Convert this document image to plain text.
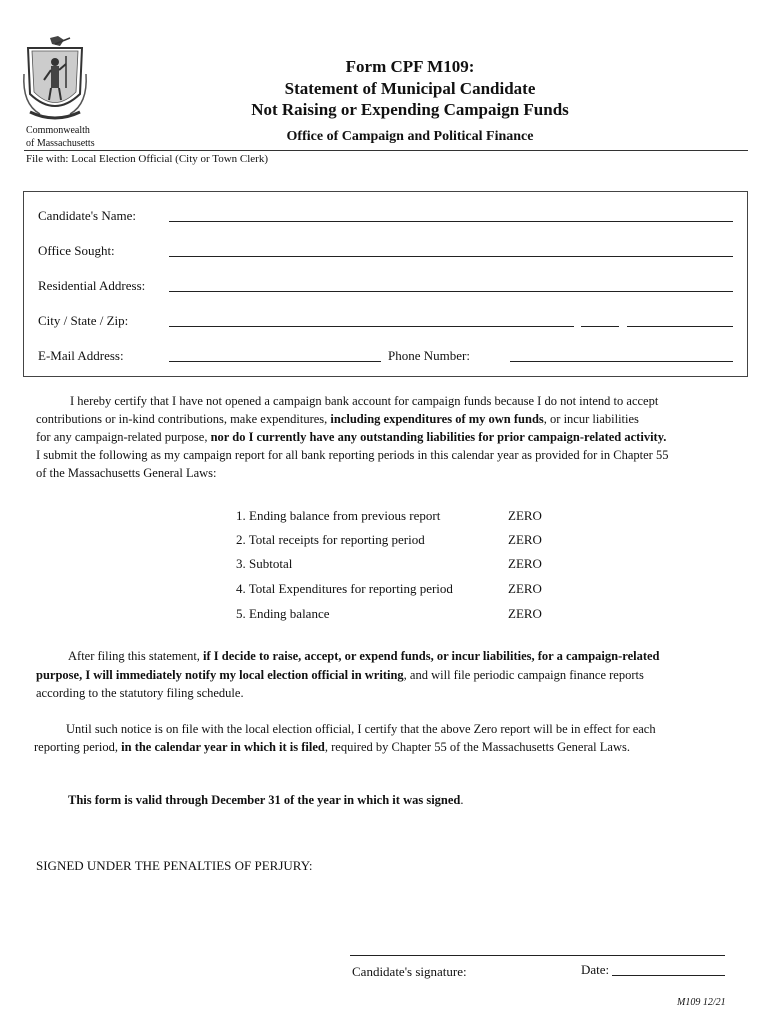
Commonwealth
of Massachusetts
Form CPF M109:
Statement of Municipal Candidate
Not Raising or Expending Campaign Funds
Office of Campaign and Political Finance
File with: Local Election Official (City or Town Clerk)
Candidate's Name:
Office Sought:
Residential Address:
City / State / Zip:
E-Mail Address:	Phone Number:
I hereby certify that I have not opened a campaign bank account for campaign funds because I do not intend to accept
contributions or in-kind contributions, make expenditures, including expenditures of my own funds, or incur liabilities
for any campaign-related purpose, nor do I currently have any outstanding liabilities for prior campaign-related activity.
I submit the following as my campaign report for all bank reporting periods in this calendar year as provided for in Chapter 55
of the Massachusetts General Laws:
1. Ending balance from previous report	ZERO
2. Total receipts for reporting period	ZERO
3. Subtotal	ZERO
4. Total Expenditures for reporting period	ZERO
5. Ending balance	ZERO
After filing this statement, if I decide to raise, accept, or expend funds, or incur liabilities, for a campaign-related
purpose, I will immediately notify my local election official in writing, and will file periodic campaign finance reports
according to the statutory filing schedule.
Until such notice is on file with the local election official, I certify that the above Zero report will be in effect for each
reporting period, in the calendar year in which it is filed, required by Chapter 55 of the Massachusetts General Laws.
This form is valid through December 31 of the year in which it was signed.
SIGNED UNDER THE PENALTIES OF PERJURY:
Candidate's signature:	Date:
M109 12/21
